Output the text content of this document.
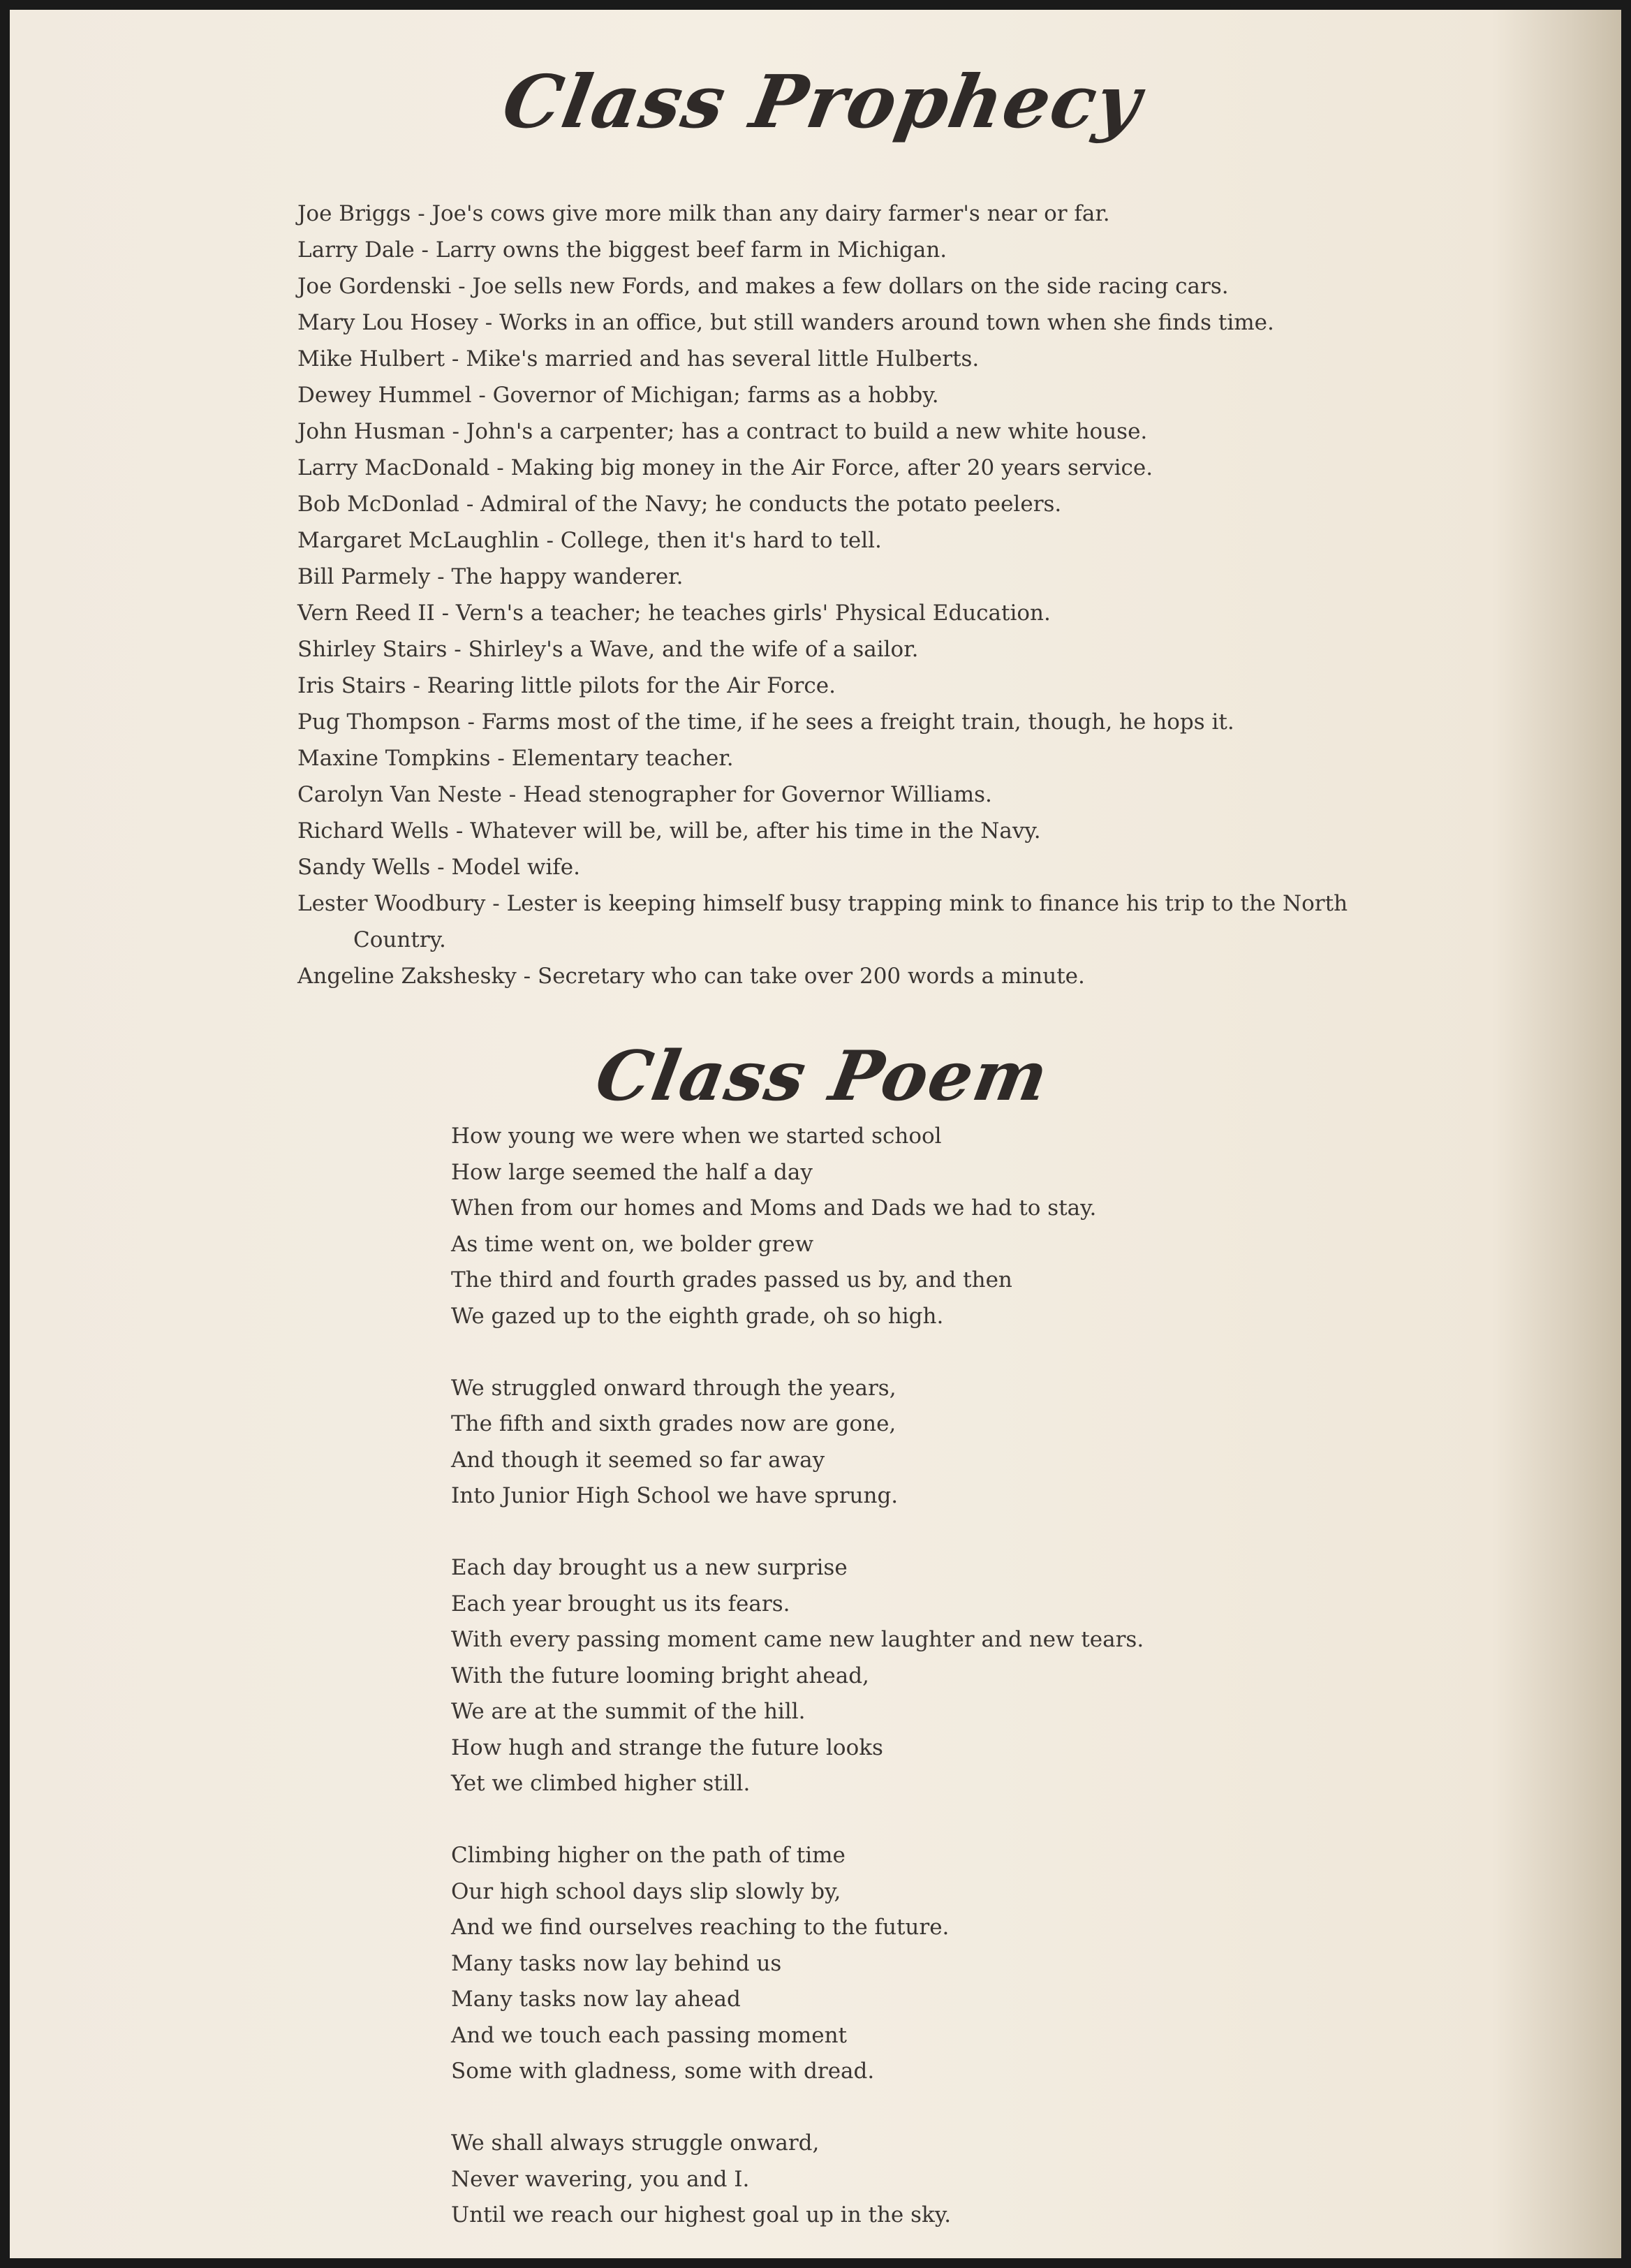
Class Prophecy
Joe Briggs - Joe's cows give more milk than any dairy farmer's near or far.
Larry Dale - Larry owns the biggest beef farm in Michigan.
Joe Gordenski - Joe sells new Fords, and makes a few dollars on the side racing cars.
Mary Lou Hosey - Works in an office, but still wanders around town when she finds time.
Mike Hulbert - Mike's married and has several little Hulberts.
Dewey Hummel - Governor of Michigan; farms as a hobby.
John Husman - John's a carpenter; has a contract to build a new white house.
Larry MacDonald - Making big money in the Air Force, after 20 years service.
Bob McDonlad - Admiral of the Navy; he conducts the potato peelers.
Margaret McLaughlin - College, then it's hard to tell.
Bill Parmely - The happy wanderer.
Vern Reed II - Vern's a teacher; he teaches girls' Physical Education.
Shirley Stairs - Shirley's a Wave, and the wife of a sailor.
Iris Stairs - Rearing little pilots for the Air Force.
Pug Thompson - Farms most of the time, if he sees a freight train, though, he hops it.
Maxine Tompkins - Elementary teacher.
Carolyn Van Neste - Head stenographer for Governor Williams.
Richard Wells - Whatever will be, will be, after his time in the Navy.
Sandy Wells - Model wife.
Lester Woodbury - Lester is keeping himself busy trapping mink to finance his trip to the North Country.
Angeline Zakshesky - Secretary who can take over 200 words a minute.
Class Poem
How young we were when we started school
How large seemed the half a day
When from our homes and Moms and Dads we had to stay.
As time went on, we bolder grew
The third and fourth grades passed us by, and then
We gazed up to the eighth grade, oh so high.
We struggled onward through the years,
The fifth and sixth grades now are gone,
And though it seemed so far away
Into Junior High School we have sprung.
Each day brought us a new surprise
Each year brought us its fears.
With every passing moment came new laughter and new tears.
With the future looming bright ahead,
We are at the summit of the hill.
How hugh and strange the future looks
Yet we climbed higher still.
Climbing higher on the path of time
Our high school days slip slowly by,
And we find ourselves reaching to the future.
Many tasks now lay behind us
Many tasks now lay ahead
And we touch each passing moment
Some with gladness, some with dread.
We shall always struggle onward,
Never wavering, you and I.
Until we reach our highest goal up in the sky.
